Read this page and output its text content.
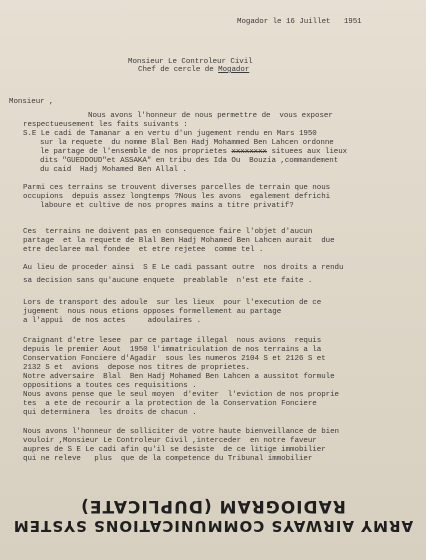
Mogador le 16 Juillet   1951
Monsieur Le Controleur Civil
Chef de cercle de Mogador
Monsieur ,
Nous avons l'honneur de nous permettre de  vous exposer
respectueusement les faits suivants :
S.E Le cadi de Tamanar a en vertu d'un jugement rendu en Mars 1950
sur la requete  du nomme Blal Ben Hadj Mohammed Ben Lahcen ordonne
le partage de l'ensemble de nos proprietes xxxxxxxx situees aux lieux
dits "GUEDDOUD"et ASSAKA" en tribu des Ida Ou  Bouzia ,commandement
du caid  Hadj Mohamed Ben Allal .
Parmi ces terrains se trouvent diverses parcelles de terrain que nous
occupions  depuis assez longtemps ?Nous les avons  egalement defrichi
laboure et cultive de nos propres mains a titre privatif?
Ces  terrains ne doivent pas en consequence faire l'objet d'aucun
partage  et la requete de Blal Ben Hadj Mohamed Ben Lahcen aurait  due
etre declaree mal fondee  et etre rejetee  comme tel .
Au lieu de proceder ainsi  S E Le cadi passant outre  nos droits a rendu
sa decision sans qu'aucune enquete  preablable  n'est ete faite .
Lors de transport des adoule  sur les lieux  pour l'execution de ce
jugement  nous nous etions opposes formellement au partage
a l'appui  de nos actes     adoulaires .
Craignant d'etre lesee  par ce partage illegal  nous avions  requis
depuis le premier Aout  1950 l'immatriculation de nos terrains a la
Conservation Fonciere d'Agadir  sous les numeros 2104 S et 2126 S et
2132 S et  avions  depose nos titres de proprietes.
Notre adversaire  Blal  Ben Hadj Mohamed Ben Lahcen a aussitot formule
oppositions a toutes ces requisitions .
Nous avons pense que le seul moyen  d'eviter  l'eviction de nos proprie
tes  a ete de recourir a la protection de la Conservation Fonciere
qui determinera  les droits de chacun .
Nous avons l'honneur de solliciter de votre haute bienveillance de bien
vouloir ,Monsieur Le Controleur Civil ,interceder  en notre faveur
aupres de S E Le cadi afin qu'il se desiste  de ce litige immobilier
qui ne releve   plus  que de la competence du Tribunal immobilier
RADIOGRAM (DUPLICATE)
ARMY AIRWAYS COMMUNICATIONS SYSTEM
